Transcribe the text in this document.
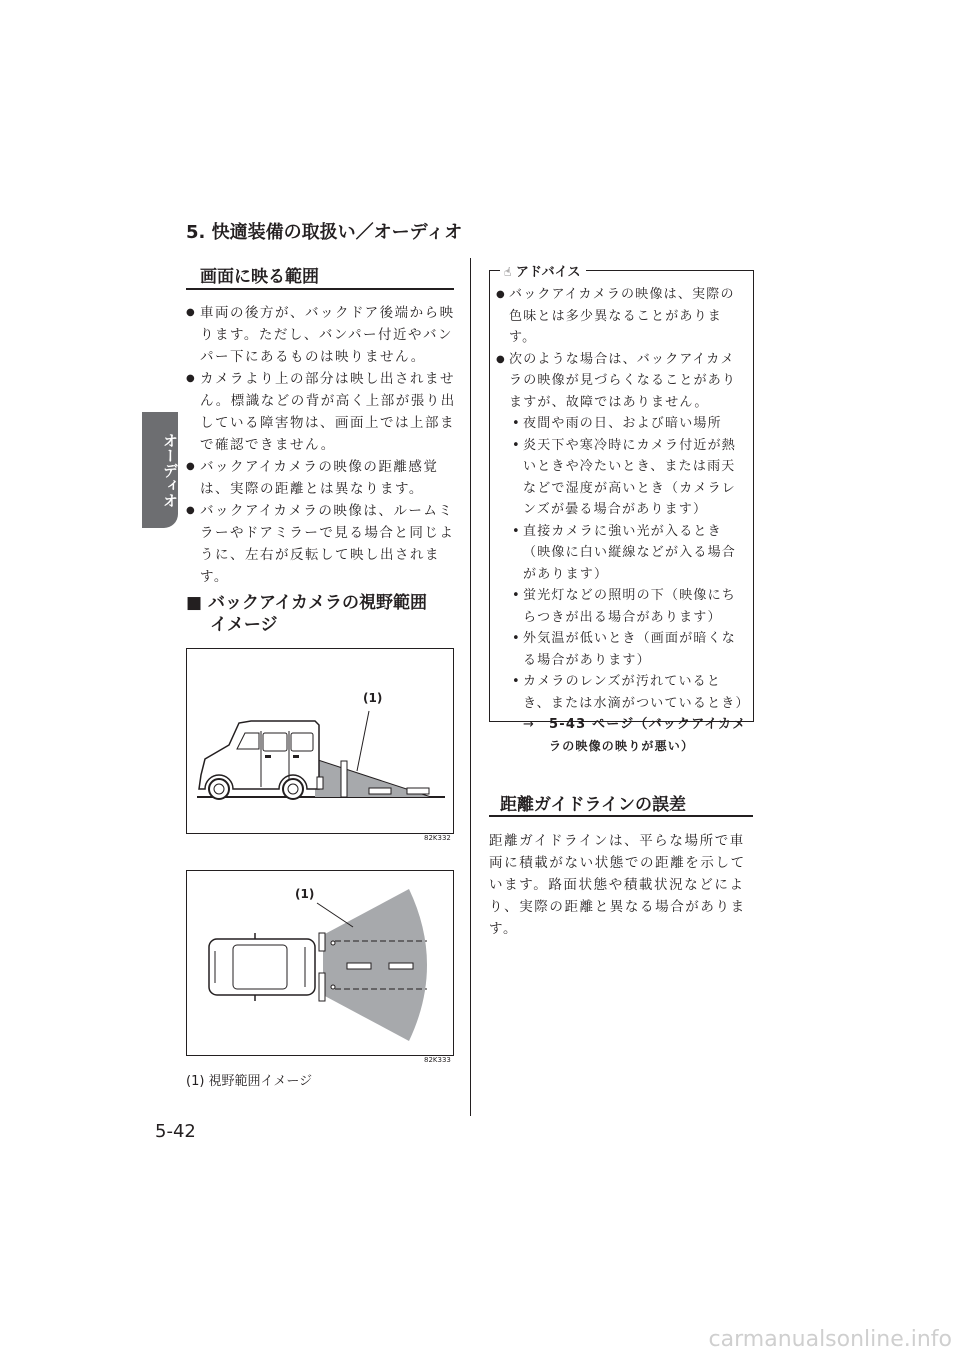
オーディオ
5. 快適装備の取扱い／オーディオ
画面に映る範囲
● 車両の後方が、バックドア後端から映ります。ただし、バンパー付近やバンパー下にあるものは映りません。
● カメラより上の部分は映し出されません。標識などの背が高く上部が張り出している障害物は、画面上では上部まで確認できません。
● バックアイカメラの映像の距離感覚は、実際の距離とは異なります。
● バックアイカメラの映像は、ルームミラーやドアミラーで見る場合と同じように、左右が反転して映し出されます。
■ バックアイカメラの視野範囲
イメージ
(1)
82K332
(1)
82K333
(1) 視野範囲イメージ
☝ アドバイス
● バックアイカメラの映像は、実際の色味とは多少異なることがあります。
● 次のような場合は、バックアイカメラの映像が見づらくなることがありますが、故障ではありません。
• 夜間や雨の日、および暗い場所
• 炎天下や寒冷時にカメラ付近が熱いときや冷たいとき、または雨天などで湿度が高いとき（カメラレンズが曇る場合があります）
• 直接カメラに強い光が入るとき（映像に白い縦線などが入る場合があります）
• 蛍光灯などの照明の下（映像にちらつきが出る場合があります）
• 外気温が低いとき（画面が暗くなる場合があります）
• カメラのレンズが汚れているとき、または水滴がついているとき）
→ 5-43 ページ（バックアイカメ
ラの映像の映りが悪い）
距離ガイドラインの誤差
距離ガイドラインは、平らな場所で車両に積載がない状態での距離を示しています。路面状態や積載状況などにより、実際の距離と異なる場合があります。
5-42
carmanualsonline.info
